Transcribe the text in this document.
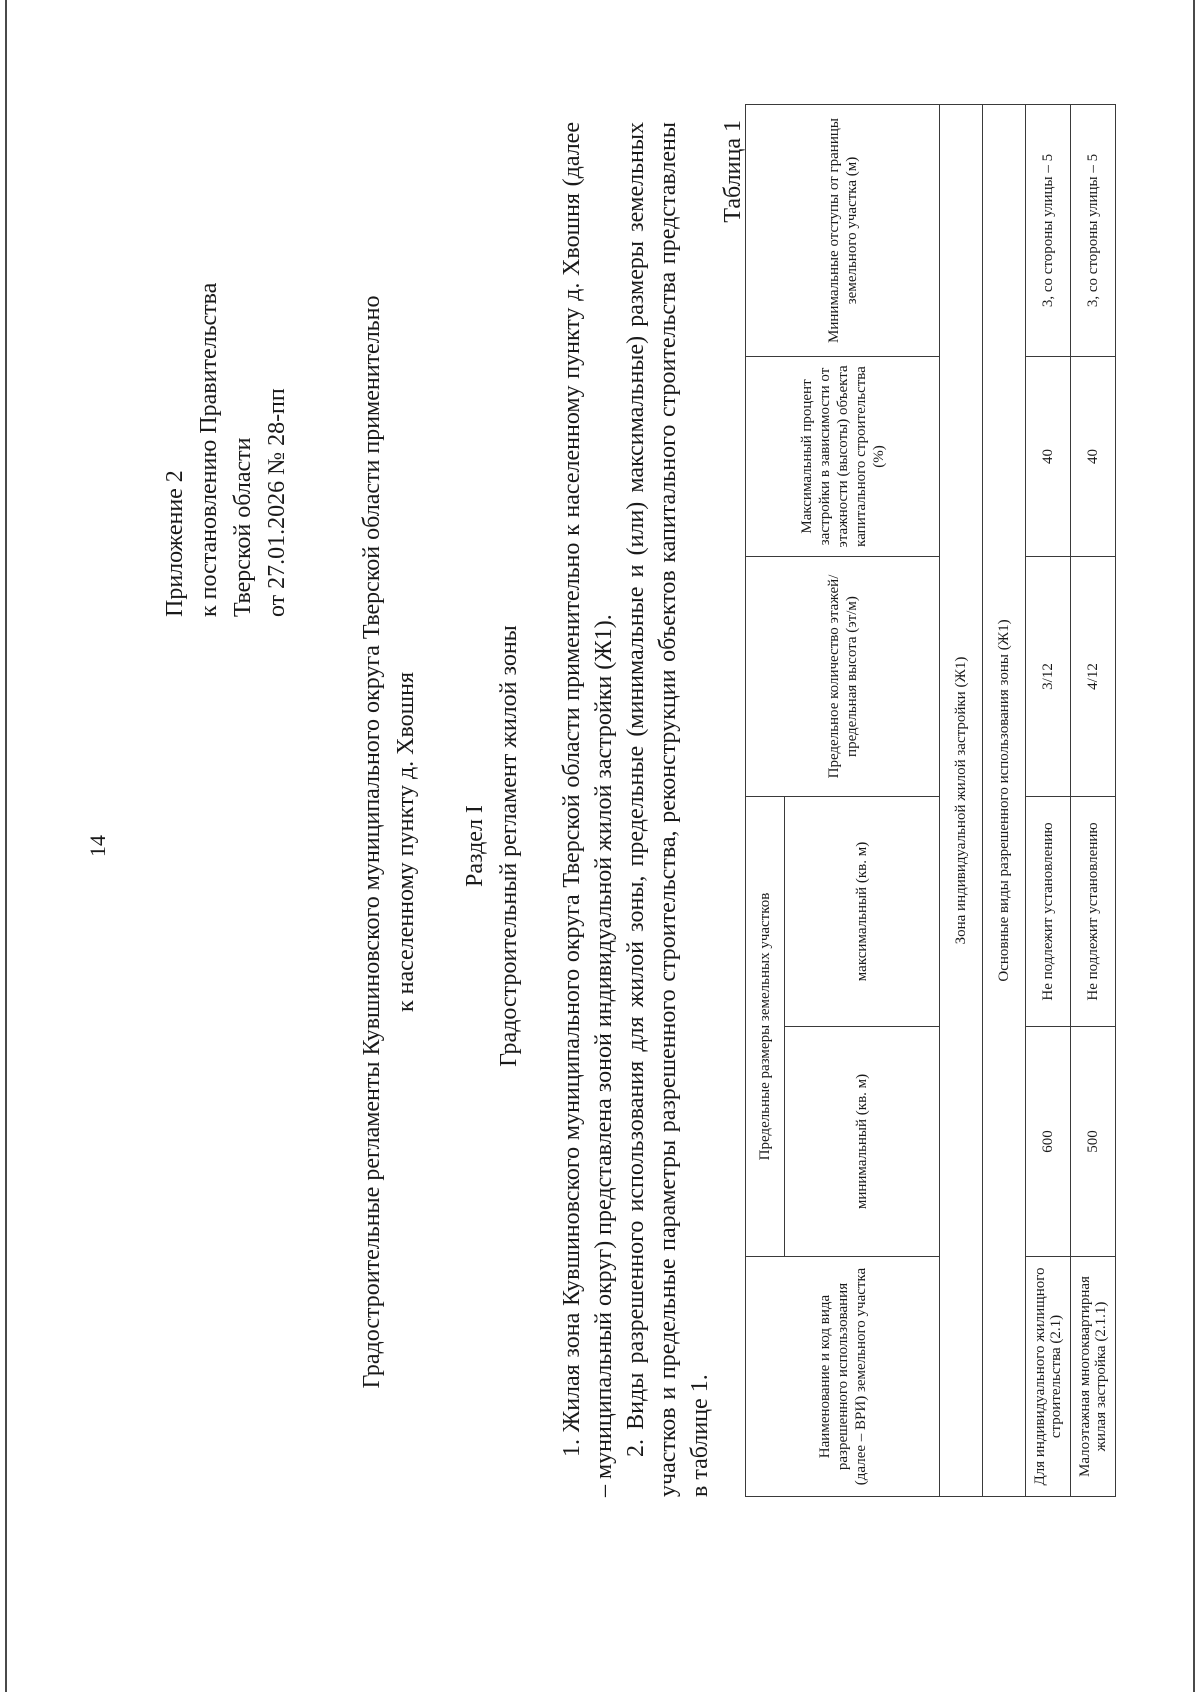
14
Приложение 2 к постановлению Правительства Тверской области от 27.01.2026 № 28-пп	Градостроительные регламенты Кувшиновского муниципального округа Тверской области применительно к населенному пункту д. Хвошня Раздел I Градостроительный регламент жилой зоны 1. Жилая зона Кувшиновского муниципального округа Тверской области применительно к населенному пункту д. Хвошня (далее – муниципальный округ) представлена зоной индивидуальной жилой застройки (Ж1). 2. Виды разрешенного использования для жилой зоны, предельные (минимальные и (или) максимальные) размеры земельных участков и предельные параметры разрешенного строительства, реконструкции объектов капитального строительства представлены в таблице 1.
Таблица 1
Наименование и код вида разрешенного использования (далее – ВРИ) земельного участка	Предельные размеры земельных участков		Предельное количество этажей/ предельная высота (эт/м)	Максимальный процент застройки в зависимости от этажности (высоты) объекта капитального строительства (%)	Минимальные отступы от границы земельного участка (м)
	минимальный (кв. м)	максимальный (кв. м)			
Зона индивидуальной жилой застройки (Ж1)					
Основные виды разрешенного использования зоны (Ж1)					
Для индивидуального жилищного строительства (2.1)	600	Не подлежит установлению	3/12	40	3, со стороны улицы – 5
Малоэтажная многоквартирная жилая застройка (2.1.1)	500	Не подлежит установлению	4/12	40	3, со стороны улицы – 5
